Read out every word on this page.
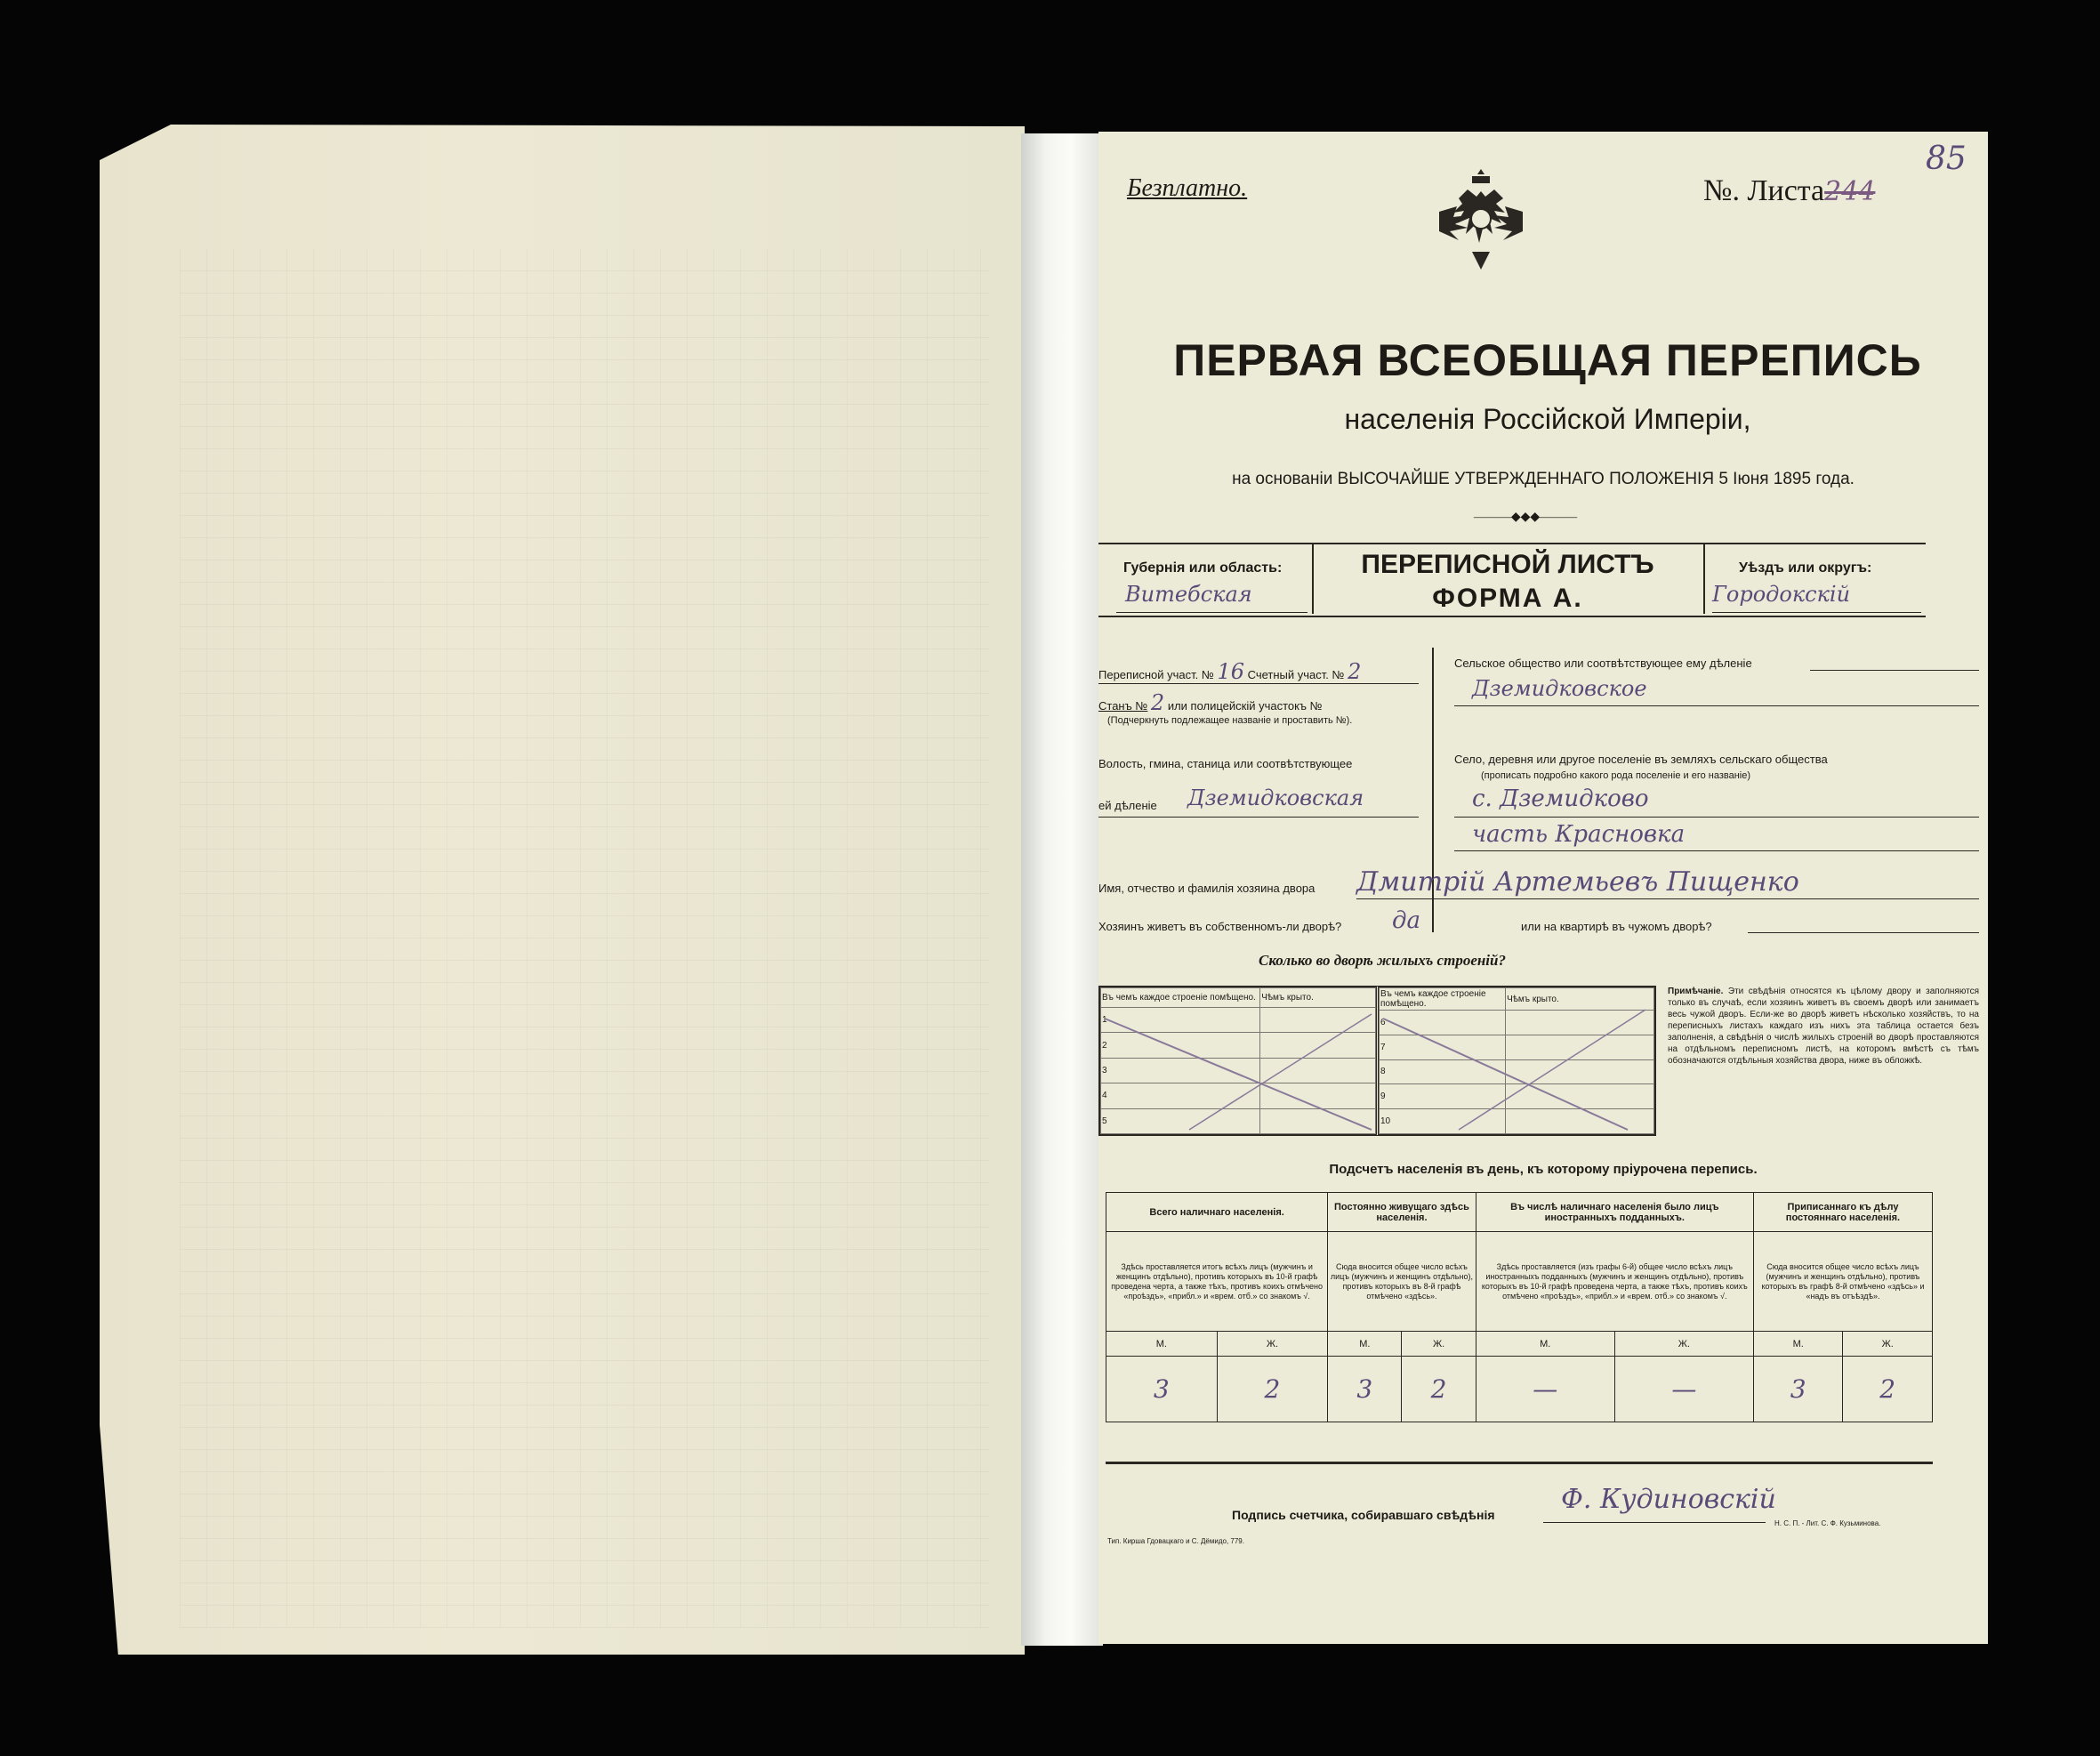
Безплатно.	№. Листа244
85
ПЕРВАЯ ВСЕОБЩАЯ ПЕРЕПИСЬ
населенія Россійской Имперіи,
на основаніи ВЫСОЧАЙШЕ УТВЕРЖДЕННАГО ПОЛОЖЕНІЯ 5 Іюня 1895 года.
———◆◆◆———
Губернія или область:
Витебская
ПЕРЕПИСНОЙ ЛИСТЪ
ФОРМА А.
Уѣздъ или округъ:
Городокскій
Переписной участ. № 16 Счетный участ. № 2
Станъ № 2 или полицейскій участокъ №
(Подчеркнуть подлежащее названіе и проставить №).
Волость, гмина, станица или соотвѣтствующее
ей дѣленіе Дземидковская
Сельское общество или соотвѣтствующее ему дѣленіе
Дземидковское
Село, деревня или другое поселеніе въ земляхъ сельскаго общества
(прописать подробно какого рода поселеніе и его названіе)
с. Дземидково
часть Красновка
Имя, отчество и фамилія хозяина двора Дмитрій Артемьевъ Пищенко
Хозяинъ живетъ въ собственномъ-ли дворѣ? да	или на квартирѣ въ чужомъ дворѣ?
Сколько во дворѣ жилыхъ строеній?
Въ чемъ каждое строеніе помѣщено.	Чѣмъ крыто.
1	
2	
3	
4	
5	
Въ чемъ каждое строеніе помѣщено.	Чѣмъ крыто.
6	
7	
8	
9	
10	
Примѣчаніе. Эти свѣдѣнія относятся къ цѣлому двору и заполняются только въ случаѣ, если хозяинъ живетъ въ своемъ дворѣ или занимаетъ весь чужой дворъ. Если-же во дворѣ живетъ нѣсколько хозяйствъ, то на переписныхъ листахъ каждаго изъ нихъ эта таблица остается безъ заполненія, а свѣдѣнія о числѣ жилыхъ строеній во дворѣ проставляются на отдѣльномъ переписномъ листѣ, на которомъ вмѣстѣ съ тѣмъ обозначаются отдѣльныя хозяйства двора, ниже въ обложкѣ.
Подсчетъ населенія въ день, къ которому пріурочена перепись.
Всего наличнаго населенія.		Постоянно живущаго здѣсь населенія.		Въ числѣ наличнаго населенія было лицъ иностранныхъ подданныхъ.		Приписаннаго къ дѣлу постояннаго населенія.	
Здѣсь проставляется итогъ всѣхъ лицъ (мужчинъ и женщинъ отдѣльно), противъ которыхъ въ 10-й графѣ проведена черта, а также тѣхъ, противъ коихъ отмѣчено «проѣздъ», «прибл.» и «врем. отб.» со знакомъ √.		Сюда вносится общее число всѣхъ лицъ (мужчинъ и женщинъ отдѣльно), противъ которыхъ въ 8-й графѣ отмѣчено «здѣсь».		Здѣсь проставляется (изъ графы 6-й) общее число всѣхъ лицъ иностранныхъ подданныхъ (мужчинъ и женщинъ отдѣльно), противъ которыхъ въ 10-й графѣ проведена черта, а также тѣхъ, противъ коихъ отмѣчено «проѣздъ», «прибл.» и «врем. отб.» со знакомъ √.		Сюда вносится общее число всѣхъ лицъ (мужчинъ и женщинъ отдѣльно), противъ которыхъ въ графѣ 8-й отмѣчено «здѣсь» и «надъ въ отъѣздѣ».	
М.	Ж.	М.	Ж.	М.	Ж.	М.	Ж.
3	2	3	2	—	—	3	2
Подпись счетчика, собиравшаго свѣдѣнія Ф. Кудиновскій
Тип. Кирша Гдовацкаго и С. Дёмидо, 779.
Н. С. П. - Лит. С. Ф. Кузьминова.
